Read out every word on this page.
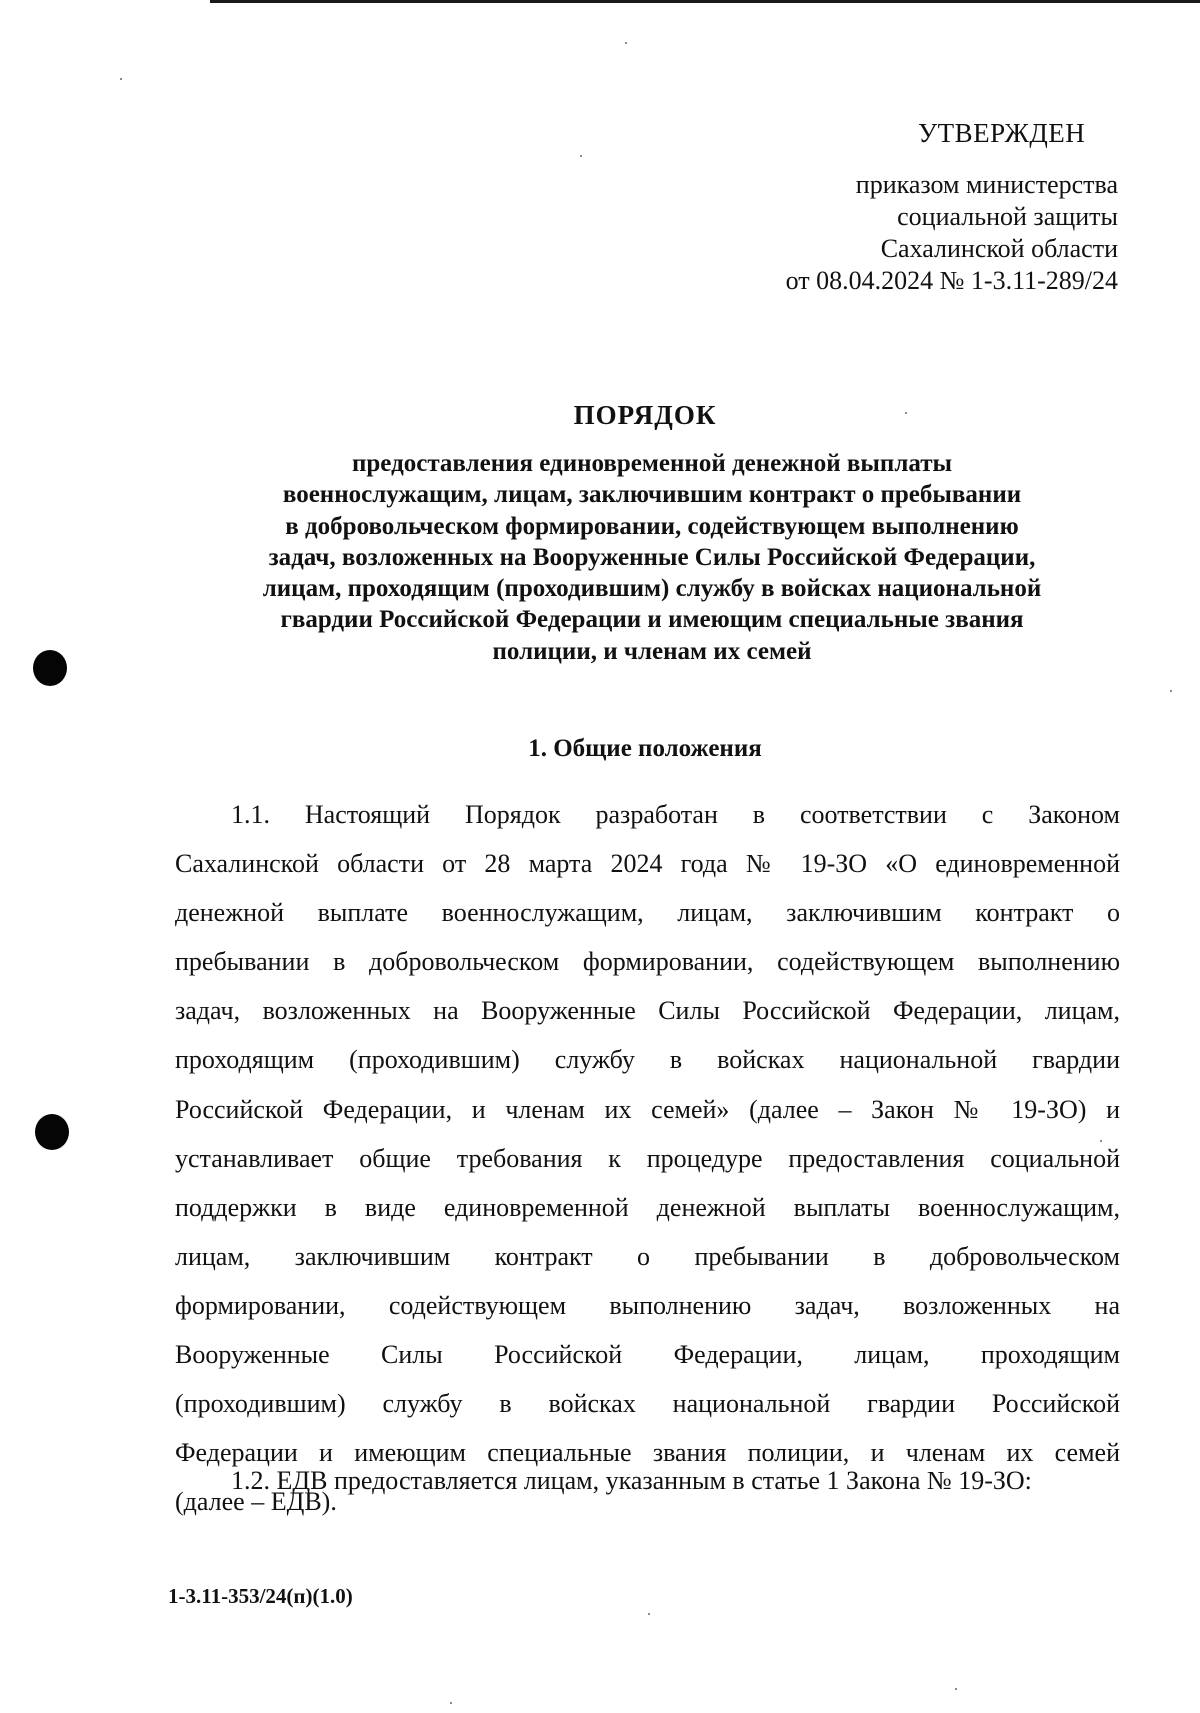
УТВЕРЖДЕН
приказом министерства
социальной защиты
Сахалинской области
от 08.04.2024 № 1-3.11-289/24
ПОРЯДОК
предоставления единовременной денежной выплаты
военнослужащим, лицам, заключившим контракт о пребывании
в добровольческом формировании, содействующем выполнению
задач, возложенных на Вооруженные Силы Российской Федерации,
лицам, проходящим (проходившим) службу в войсках национальной
гвардии Российской Федерации и имеющим специальные звания
полиции, и членам их семей
1. Общие положения
1.1. Настоящий Порядок разработан в соответствии с Законом
Сахалинской области от 28 марта 2024 года № 19-ЗО «О единовременной
денежной выплате военнослужащим, лицам, заключившим контракт о
пребывании в добровольческом формировании, содействующем выполнению
задач, возложенных на Вооруженные Силы Российской Федерации, лицам,
проходящим (проходившим) службу в войсках национальной гвардии
Российской Федерации, и членам их семей» (далее – Закон № 19-ЗО) и
устанавливает общие требования к процедуре предоставления социальной
поддержки в виде единовременной денежной выплаты военнослужащим,
лицам, заключившим контракт о пребывании в добровольческом
формировании, содействующем выполнению задач, возложенных на
Вооруженные Силы Российской Федерации, лицам, проходящим
(проходившим) службу в войсках национальной гвардии Российской
Федерации и имеющим специальные звания полиции, и членам их семей
(далее – ЕДВ).
1.2. ЕДВ предоставляется лицам, указанным в статье 1 Закона № 19-ЗО:
1-3.11-353/24(п)(1.0)
